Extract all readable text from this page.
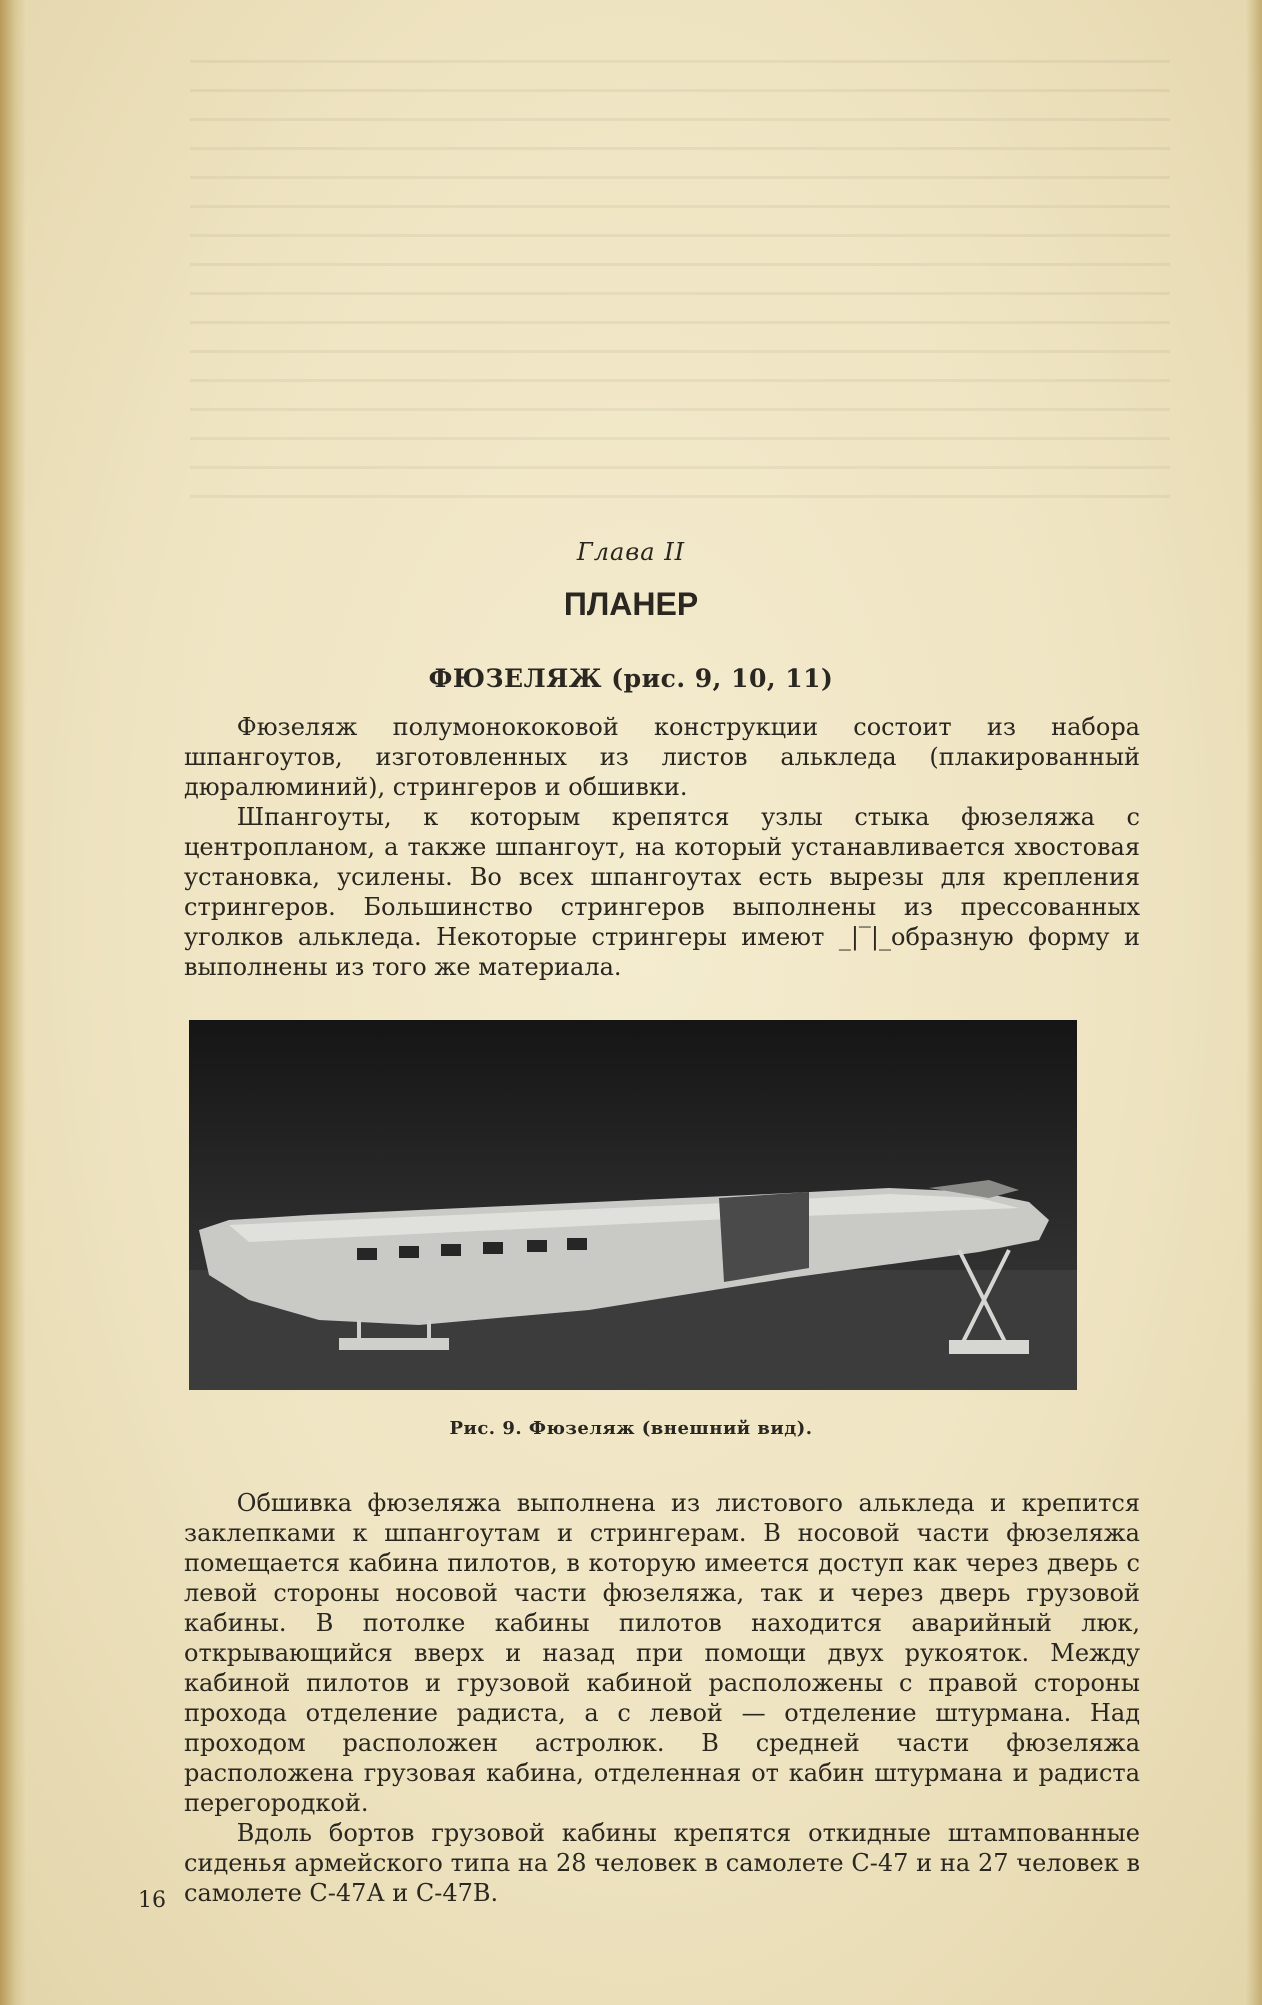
Глава II
ПЛАНЕР
ФЮЗЕЛЯЖ (рис. 9, 10, 11)

Фюзеляж полумонококовой конструкции состоит из набора шпангоутов, изготовленных из листов алькледа (плакированный дюралюминий), стрингеров и обшивки.

Шпангоуты, к которым крепятся узлы стыка фюзеляжа с центропланом, а также шпангоут, на который устанавливается хвостовая установка, усилены. Во всех шпангоутах есть вырезы для крепления стрингеров. Большинство стрингеров выполнены из прессованных уголков алькледа. Некоторые стрингеры имеют _|‾|_образную форму и выполнены из того же материала.

Рис. 9. Фюзеляж (внешний вид).

Обшивка фюзеляжа выполнена из листового алькледа и крепится заклепками к шпангоутам и стрингерам. В носовой части фюзеляжа помещается кабина пилотов, в которую имеется доступ как через дверь с левой стороны носовой части фюзеляжа, так и через дверь грузовой кабины. В потолке кабины пилотов находится аварийный люк, открывающийся вверх и назад при помощи двух рукояток. Между кабиной пилотов и грузовой кабиной расположены с правой стороны прохода отделение радиста, а с левой — отделение штурмана. Над проходом расположен астролюк. В средней части фюзеляжа расположена грузовая кабина, отделенная от кабин штурмана и радиста перегородкой.

Вдоль бортов грузовой кабины крепятся откидные штампованные сиденья армейского типа на 28 человек в самолете С-47 и на 27 человек в самолете С-47А и С-47В.

16
